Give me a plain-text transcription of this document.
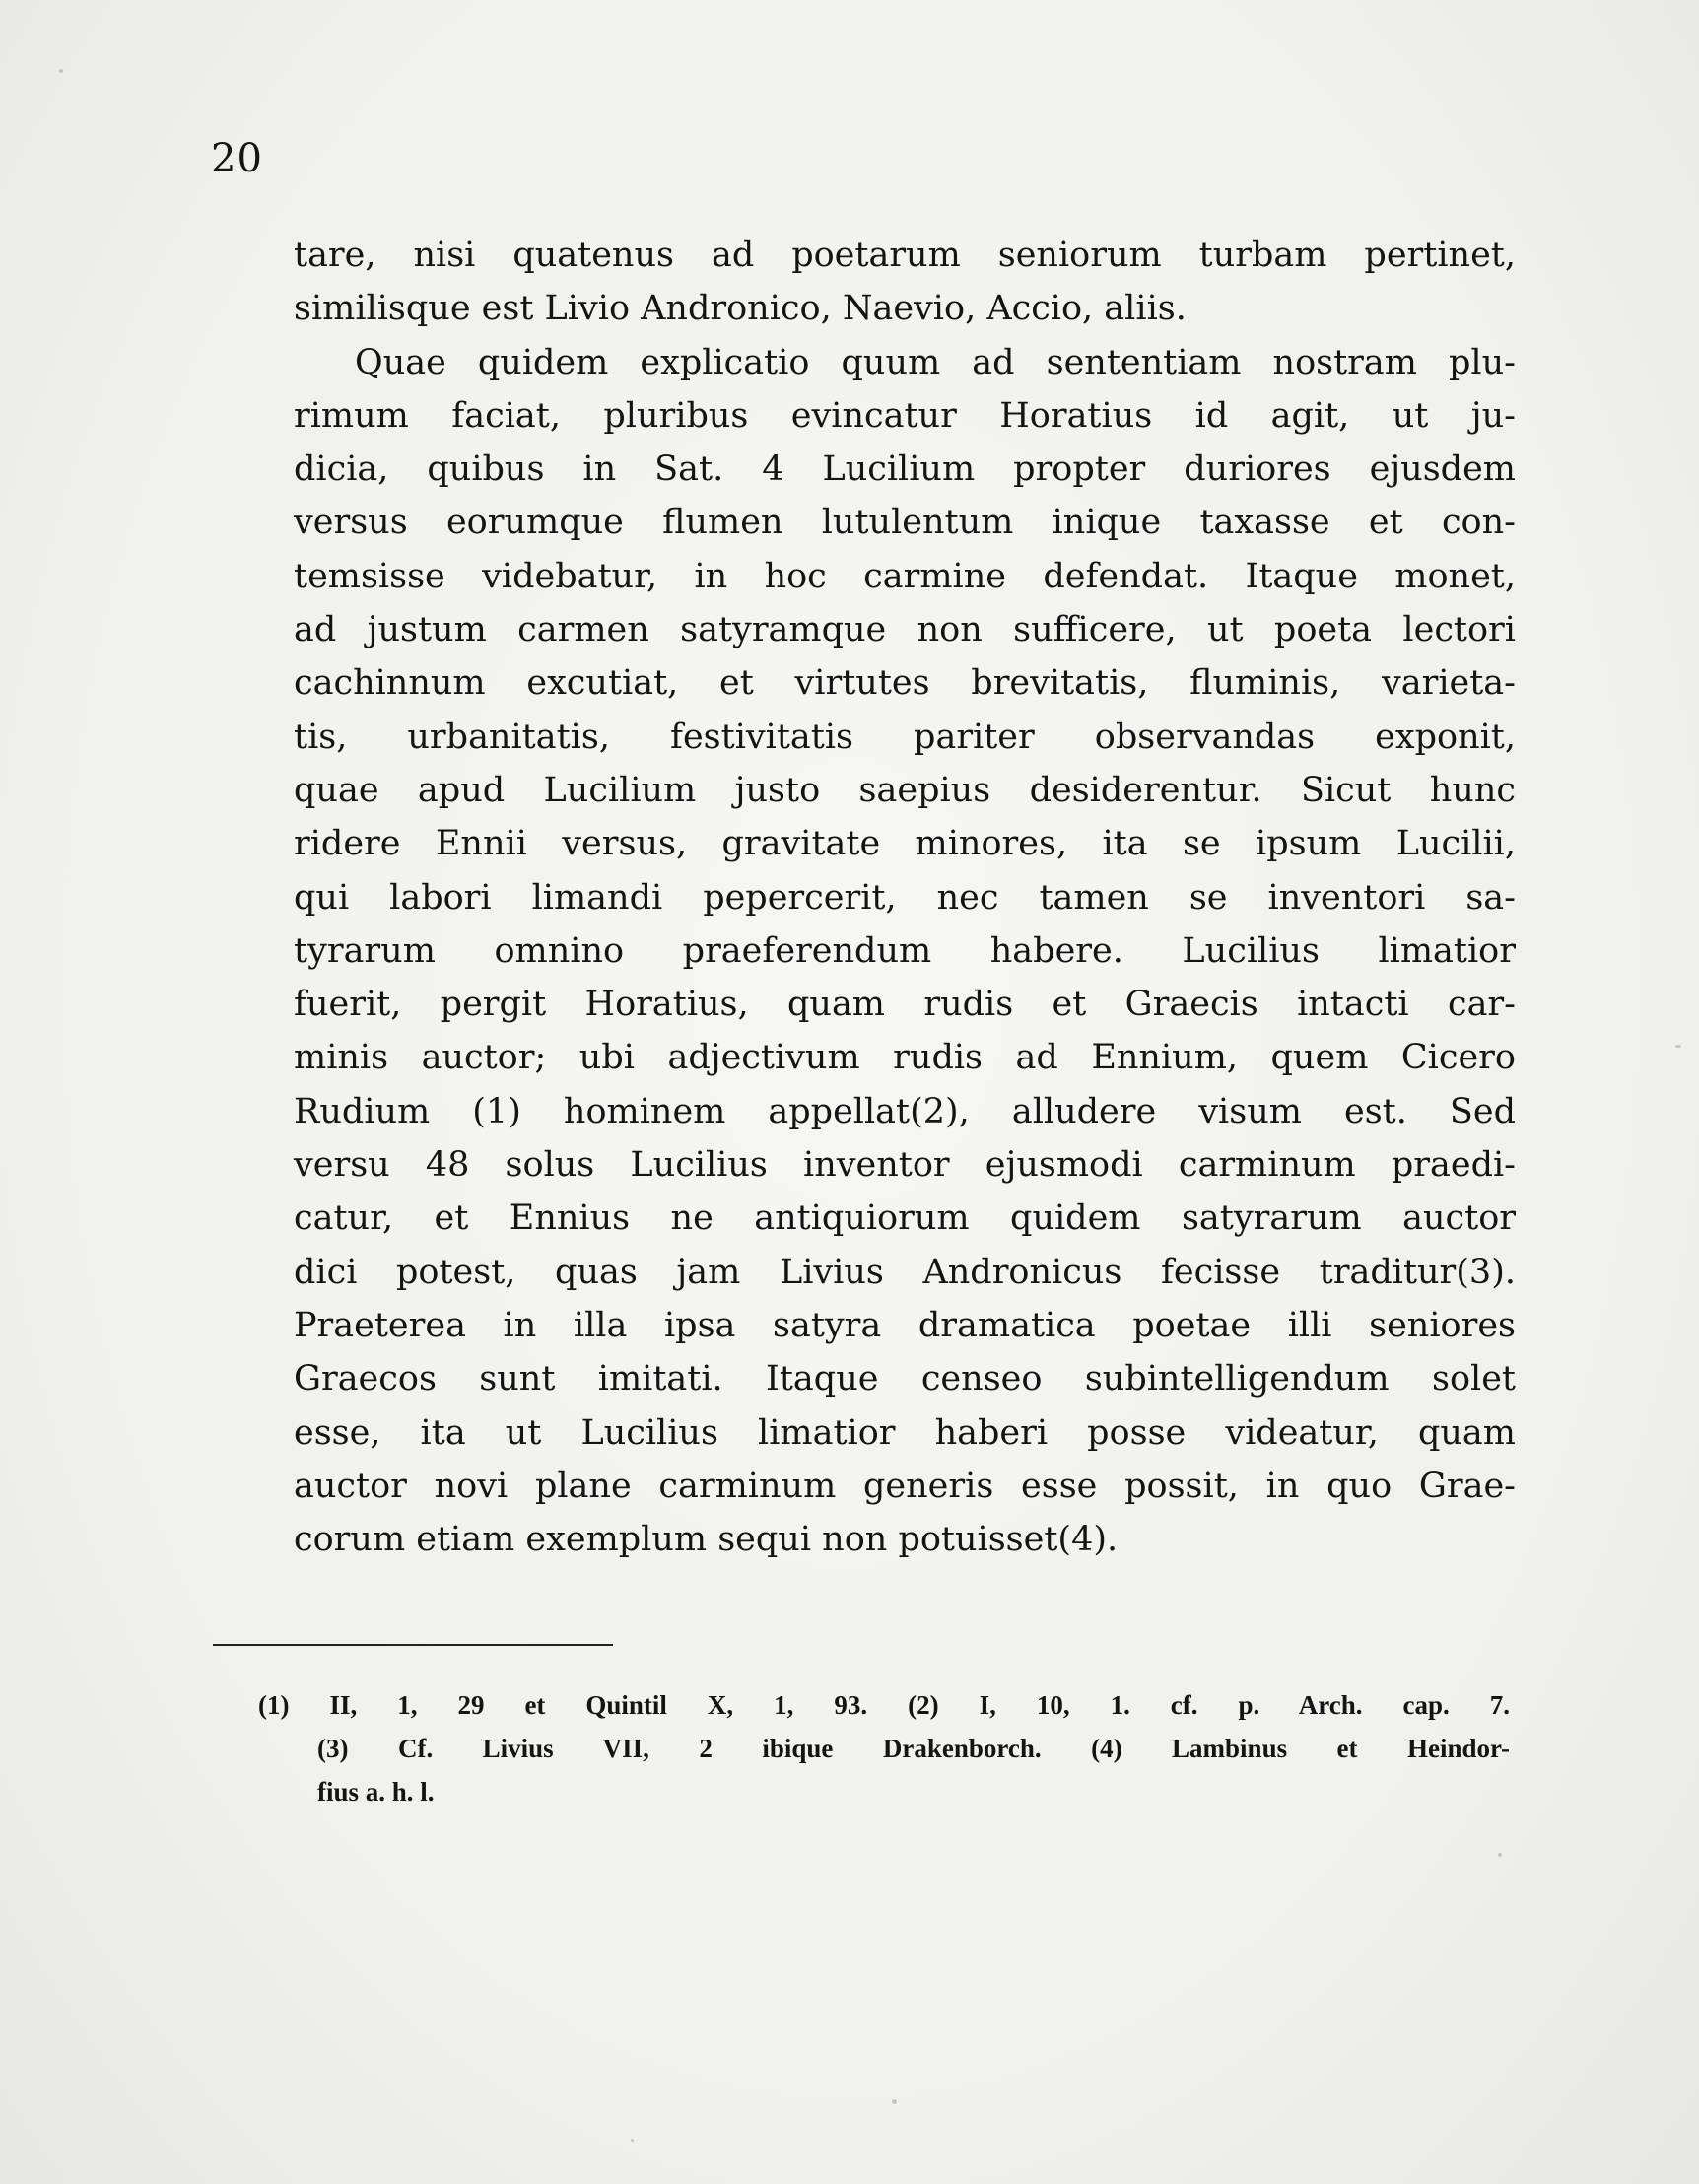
20
tare, nisi quatenus ad poetarum seniorum turbam pertinet,
similisque est Livio Andronico, Naevio, Accio, aliis.
Quae quidem explicatio quum ad sententiam nostram plu-
rimum faciat, pluribus evincatur Horatius id agit, ut ju-
dicia, quibus in Sat. 4 Lucilium propter duriores ejusdem
versus eorumque flumen lutulentum inique taxasse et con-
temsisse videbatur, in hoc carmine defendat. Itaque monet,
ad justum carmen satyramque non sufficere, ut poeta lectori
cachinnum excutiat, et virtutes brevitatis, fluminis, varieta-
tis, urbanitatis, festivitatis pariter observandas exponit,
quae apud Lucilium justo saepius desiderentur. Sicut hunc
ridere Ennii versus, gravitate minores, ita se ipsum Lucilii,
qui labori limandi pepercerit, nec tamen se inventori sa-
tyrarum omnino praeferendum habere. Lucilius limatior
fuerit, pergit Horatius, quam rudis et Graecis intacti car-
minis auctor; ubi adjectivum rudis ad Ennium, quem Cicero
Rudium (1) hominem appellat(2), alludere visum est. Sed
versu 48 solus Lucilius inventor ejusmodi carminum praedi-
catur, et Ennius ne antiquiorum quidem satyrarum auctor
dici potest, quas jam Livius Andronicus fecisse traditur(3).
Praeterea in illa ipsa satyra dramatica poetae illi seniores
Graecos sunt imitati. Itaque censeo subintelligendum solet
esse, ita ut Lucilius limatior haberi posse videatur, quam
auctor novi plane carminum generis esse possit, in quo Grae-
corum etiam exemplum sequi non potuisset(4).
(1) II, 1, 29 et Quintil X, 1, 93. (2) I, 10, 1. cf. p. Arch. cap. 7.
(3) Cf. Livius VII, 2 ibique Drakenborch. (4) Lambinus et Heindor-
fius a. h. l.
